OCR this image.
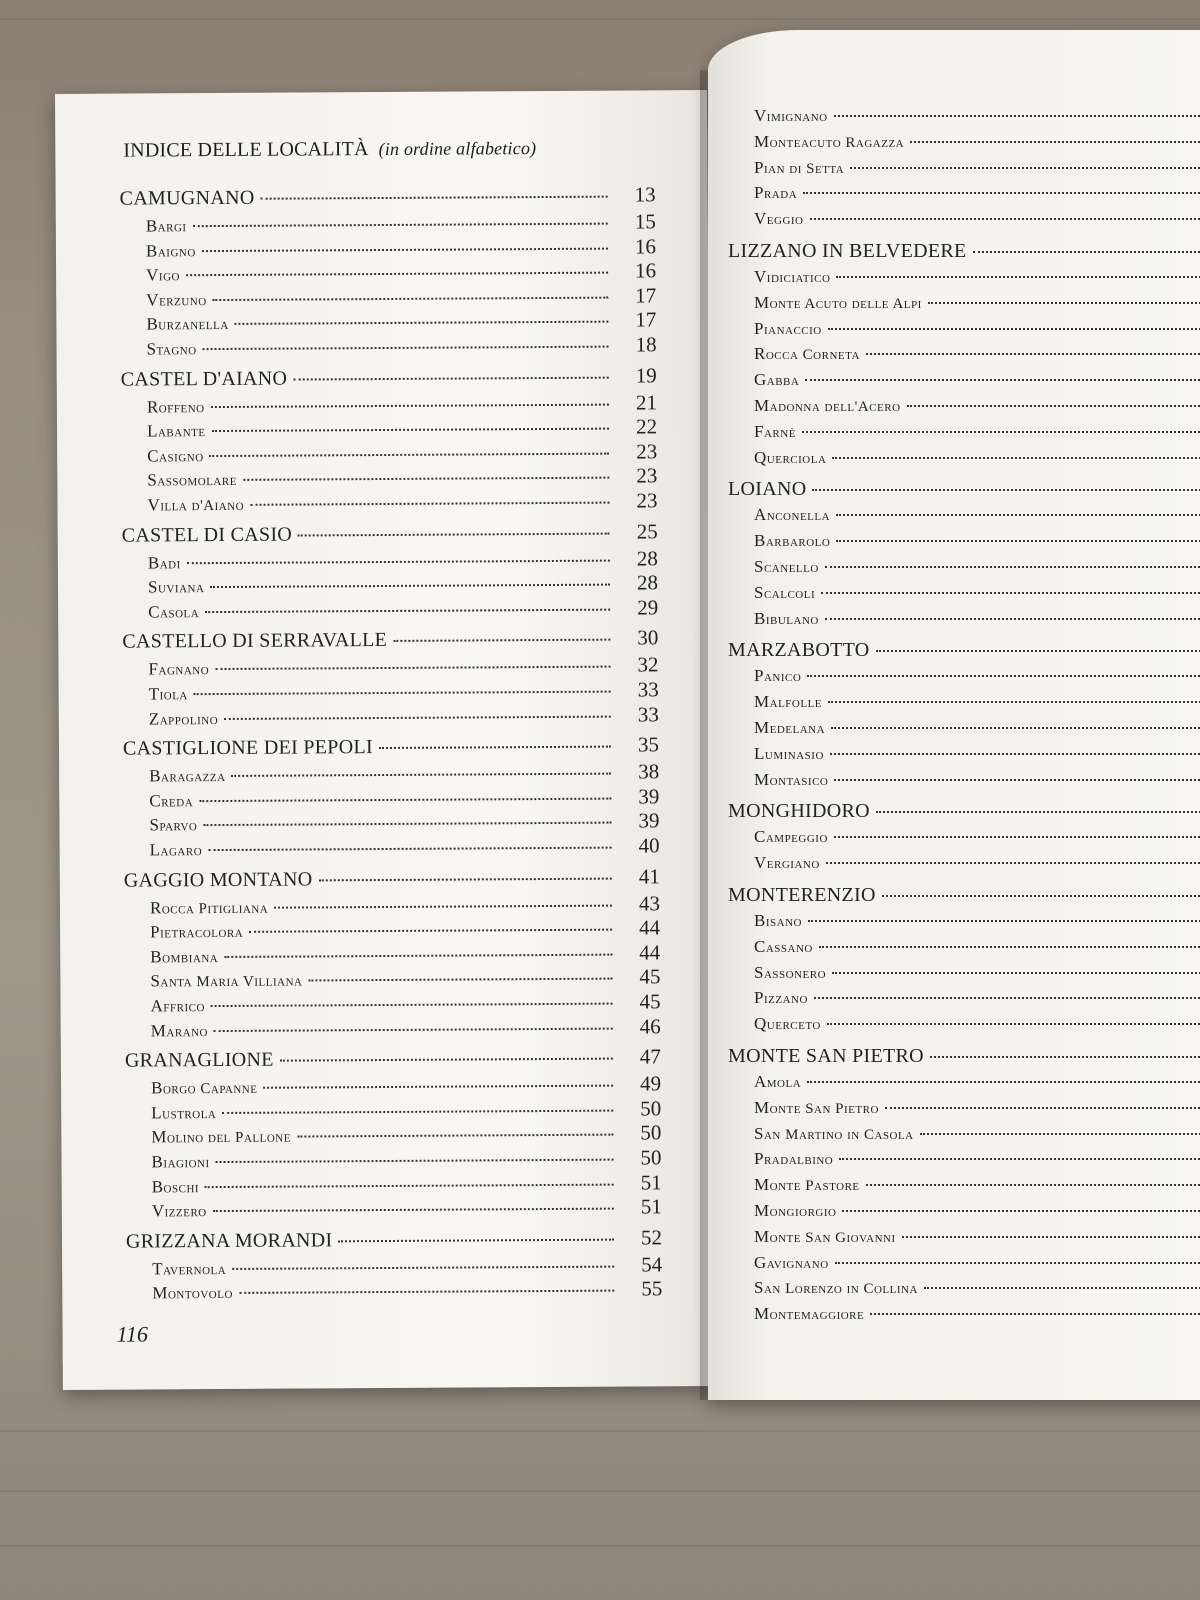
INDICE DELLE LOCALITÀ (in ordine alfabetico)
CAMUGNANO	13
Bargi	15
Baigno	16
Vigo	16
Verzuno	17
Burzanella	17
Stagno	18
CASTEL D'AIANO	19
Roffeno	21
Labante	22
Casigno	23
Sassomolare	23
Villa d'Aiano	23
CASTEL DI CASIO	25
Badi	28
Suviana	28
Casola	29
CASTELLO DI SERRAVALLE	30
Fagnano	32
Tiola	33
Zappolino	33
CASTIGLIONE DEI PEPOLI	35
Baragazza	38
Creda	39
Sparvo	39
Lagaro	40
GAGGIO MONTANO	41
Rocca Pitigliana	43
Pietracolora	44
Bombiana	44
Santa Maria Villiana	45
Affrico	45
Marano	46
GRANAGLIONE	47
Borgo Capanne	49
Lustrola	50
Molino del Pallone	50
Biagioni	50
Boschi	51
Vizzero	51
GRIZZANA MORANDI	52
Tavernola	54
Montovolo	55
116
Vimignano
Monteacuto Ragazza
Pian di Setta
Prada
Veggio
LIZZANO IN BELVEDERE
Vidiciatico
Monte Acuto delle Alpi
Pianaccio
Rocca Corneta
Gabba
Madonna dell'Acero
Farnè
Querciola
LOIANO
Anconella
Barbarolo
Scanello
Scalcoli
Bibulano
MARZABOTTO
Panico
Malfolle
Medelana
Luminasio
Montasico
MONGHIDORO
Campeggio
Vergiano
MONTERENZIO
Bisano
Cassano
Sassonero
Pizzano
Querceto
MONTE SAN PIETRO
Amola
Monte San Pietro
San Martino in Casola
Pradalbino
Monte Pastore
Mongiorgio
Monte San Giovanni
Gavignano
San Lorenzo in Collina
Montemaggiore
